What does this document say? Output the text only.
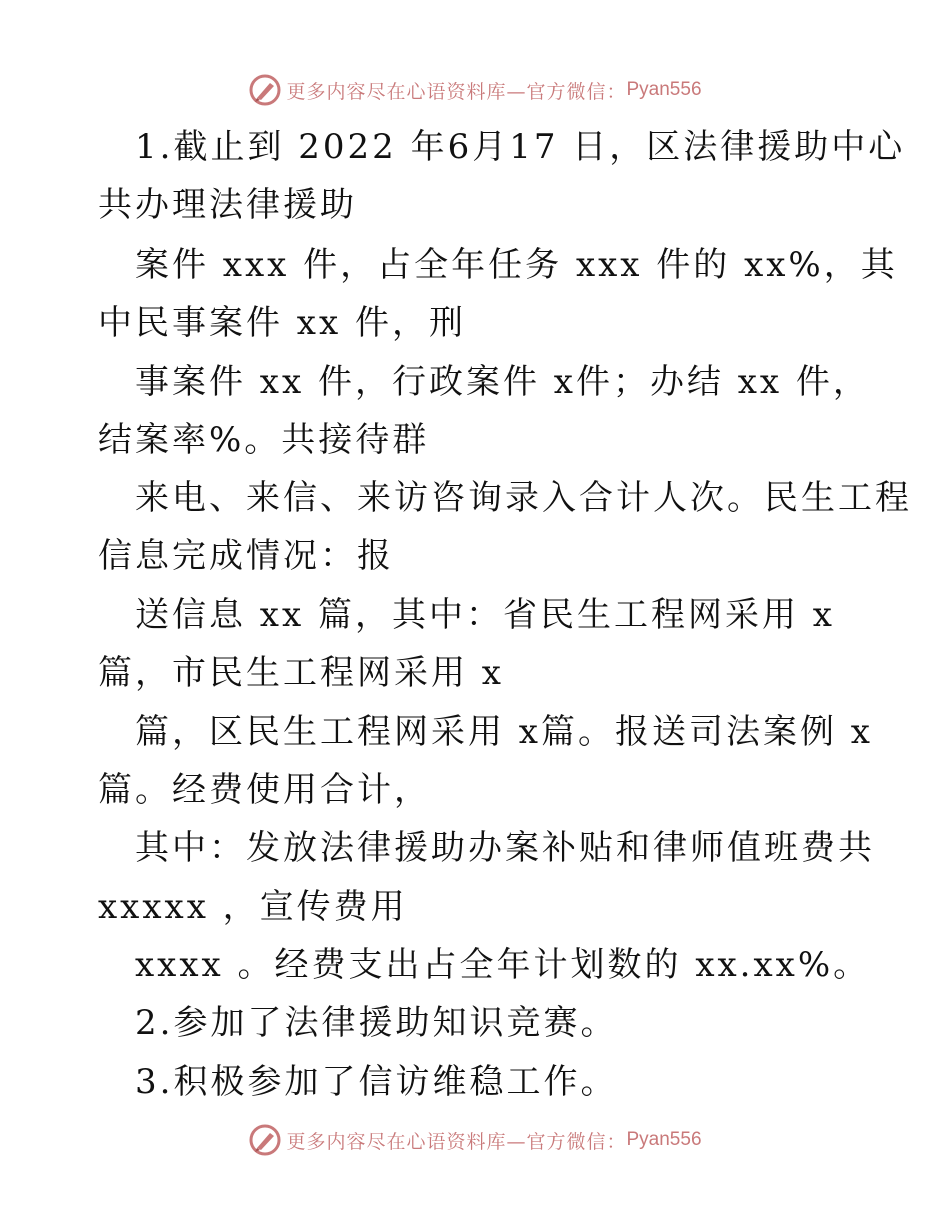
更多内容尽在心语资料库—官方微信： Pyan556
1.截止到 2022 年6月17 日，区法律援助中心
共办理法律援助
案件 xxx 件，占全年任务 xxx 件的 xx%，其
中民事案件 xx 件，刑
事案件 xx 件，行政案件 x件；办结 xx 件，
结案率%。共接待群
来电、来信、来访咨询录入合计人次。民生工程
信息完成情况：报
送信息 xx 篇，其中：省民生工程网采用 x
篇，市民生工程网采用 x
篇，区民生工程网采用 x篇。报送司法案例 x
篇。经费使用合计，
其中：发放法律援助办案补贴和律师值班费共
xxxxx ，宣传费用
xxxx 。经费支出占全年计划数的 xx.xx%。
2.参加了法律援助知识竞赛。
3.积极参加了信访维稳工作。
更多内容尽在心语资料库—官方微信： Pyan556
